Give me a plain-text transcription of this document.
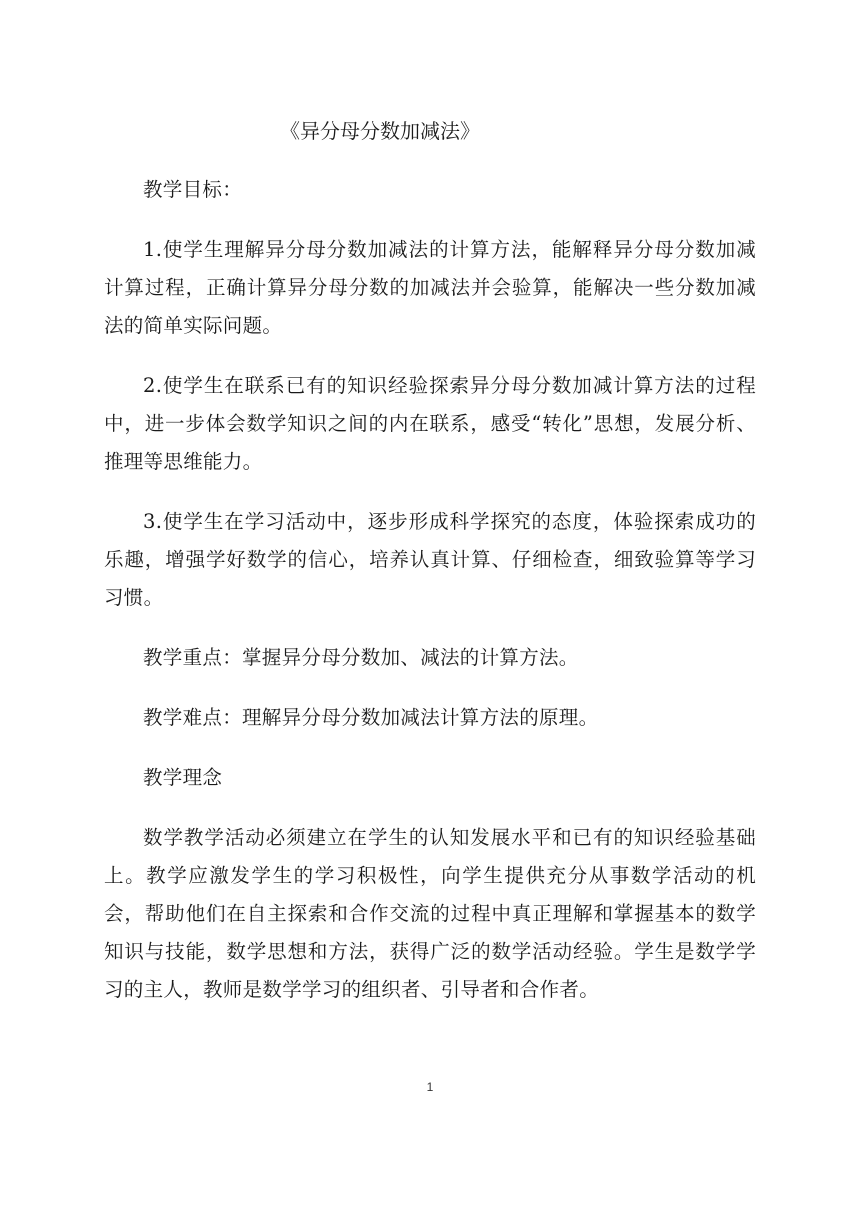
《异分母分数加减法》

教学目标：

1.使学生理解异分母分数加减法的计算方法，能解释异分母分数加减计算过程，正确计算异分母分数的加减法并会验算，能解决一些分数加减法的简单实际问题。

2.使学生在联系已有的知识经验探索异分母分数加减计算方法的过程中，进一步体会数学知识之间的内在联系，感受“转化”思想，发展分析、推理等思维能力。

3.使学生在学习活动中，逐步形成科学探究的态度，体验探索成功的乐趣，增强学好数学的信心，培养认真计算、仔细检查，细致验算等学习习惯。

教学重点：掌握异分母分数加、减法的计算方法。

教学难点：理解异分母分数加减法计算方法的原理。

教学理念

数学教学活动必须建立在学生的认知发展水平和已有的知识经验基础上。教学应激发学生的学习积极性，向学生提供充分从事数学活动的机会，帮助他们在自主探索和合作交流的过程中真正理解和掌握基本的数学知识与技能，数学思想和方法，获得广泛的数学活动经验。学生是数学学习的主人，教师是数学学习的组织者、引导者和合作者。

1
